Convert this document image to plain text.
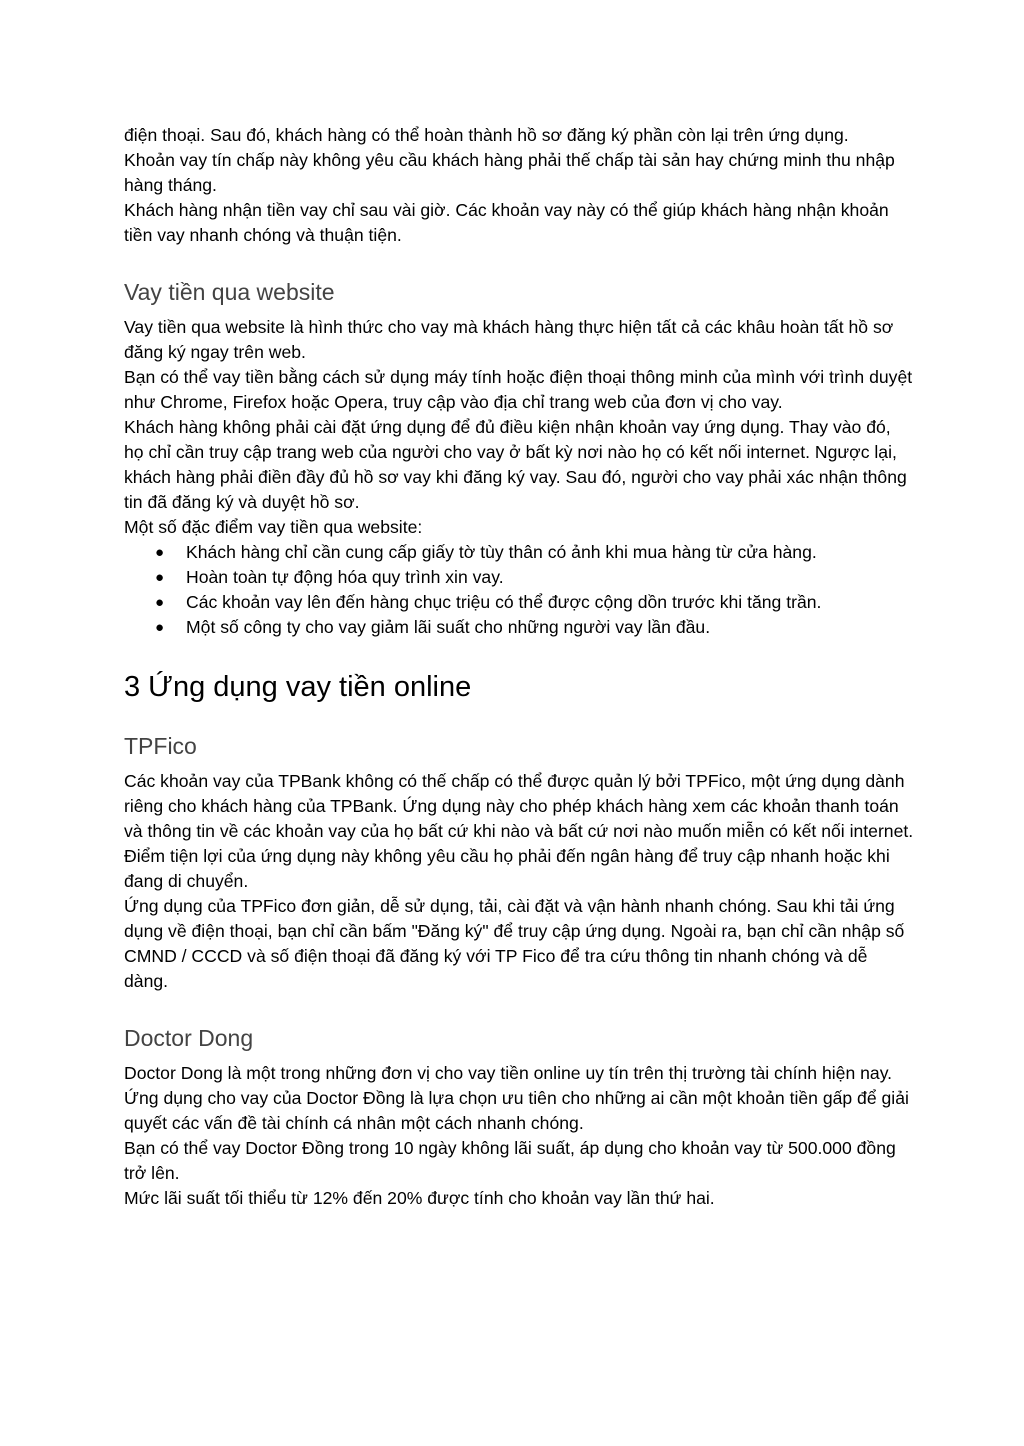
điện thoại. Sau đó, khách hàng có thể hoàn thành hồ sơ đăng ký phần còn lại trên ứng dụng.

Khoản vay tín chấp này không yêu cầu khách hàng phải thế chấp tài sản hay chứng minh thu nhập hàng tháng.

Khách hàng nhận tiền vay chỉ sau vài giờ. Các khoản vay này có thể giúp khách hàng nhận khoản tiền vay nhanh chóng và thuận tiện.

Vay tiền qua website

Vay tiền qua website là hình thức cho vay mà khách hàng thực hiện tất cả các khâu hoàn tất hồ sơ đăng ký ngay trên web.

Bạn có thể vay tiền bằng cách sử dụng máy tính hoặc điện thoại thông minh của mình với trình duyệt như Chrome, Firefox hoặc Opera, truy cập vào địa chỉ trang web của đơn vị cho vay.

Khách hàng không phải cài đặt ứng dụng để đủ điều kiện nhận khoản vay ứng dụng. Thay vào đó, họ chỉ cần truy cập trang web của người cho vay ở bất kỳ nơi nào họ có kết nối internet. Ngược lại, khách hàng phải điền đầy đủ hồ sơ vay khi đăng ký vay. Sau đó, người cho vay phải xác nhận thông tin đã đăng ký và duyệt hồ sơ.

Một số đặc điểm vay tiền qua website:

● Khách hàng chỉ cần cung cấp giấy tờ tùy thân có ảnh khi mua hàng từ cửa hàng.
● Hoàn toàn tự động hóa quy trình xin vay.
● Các khoản vay lên đến hàng chục triệu có thể được cộng dồn trước khi tăng trần.
● Một số công ty cho vay giảm lãi suất cho những người vay lần đầu.
3 Ứng dụng vay tiền online
TPFico

Các khoản vay của TPBank không có thế chấp có thể được quản lý bởi TPFico, một ứng dụng dành riêng cho khách hàng của TPBank. Ứng dụng này cho phép khách hàng xem các khoản thanh toán và thông tin về các khoản vay của họ bất cứ khi nào và bất cứ nơi nào muốn miễn có kết nối internet. Điểm tiện lợi của ứng dụng này không yêu cầu họ phải đến ngân hàng để truy cập nhanh hoặc khi đang di chuyển.

Ứng dụng của TPFico đơn giản, dễ sử dụng, tải, cài đặt và vận hành nhanh chóng. Sau khi tải ứng dụng về điện thoại, bạn chỉ cần bấm "Đăng ký" để truy cập ứng dụng. Ngoài ra, bạn chỉ cần nhập số CMND / CCCD và số điện thoại đã đăng ký với TP Fico để tra cứu thông tin nhanh chóng và dễ dàng.

Doctor Dong

Doctor Dong là một trong những đơn vị cho vay tiền online uy tín trên thị trường tài chính hiện nay.

Ứng dụng cho vay của Doctor Đồng là lựa chọn ưu tiên cho những ai cần một khoản tiền gấp để giải quyết các vấn đề tài chính cá nhân một cách nhanh chóng.

Bạn có thể vay Doctor Đồng trong 10 ngày không lãi suất, áp dụng cho khoản vay từ 500.000 đồng trở lên.

Mức lãi suất tối thiểu từ 12% đến 20% được tính cho khoản vay lần thứ hai.
